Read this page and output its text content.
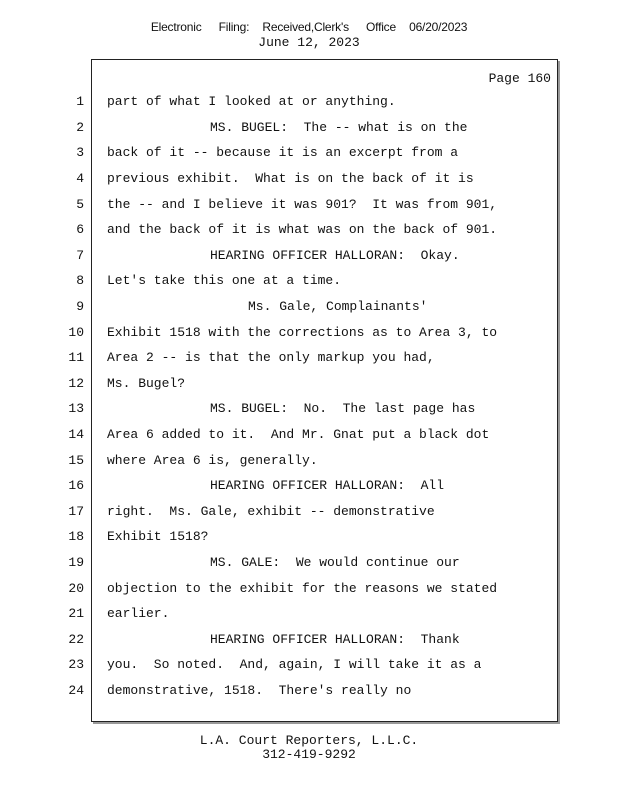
Electronic Filing: Received,Clerk's Office 06/20/2023
June 12, 2023
Page 160
1 part of what I looked at or anything.
2	MS. BUGEL:  The -- what is on the
3 back of it -- because it is an excerpt from a
4 previous exhibit.  What is on the back of it is
5 the -- and I believe it was 901?  It was from 901,
6 and the back of it is what was on the back of 901.
7	HEARING OFFICER HALLORAN:  Okay.
8 Let's take this one at a time.
9	Ms. Gale, Complainants'
10 Exhibit 1518 with the corrections as to Area 3, to
11 Area 2 -- is that the only markup you had,
12 Ms. Bugel?
13	MS. BUGEL:  No.  The last page has
14 Area 6 added to it.  And Mr. Gnat put a black dot
15 where Area 6 is, generally.
16	HEARING OFFICER HALLORAN:  All
17 right.  Ms. Gale, exhibit -- demonstrative
18 Exhibit 1518?
19	MS. GALE:  We would continue our
20 objection to the exhibit for the reasons we stated
21 earlier.
22	HEARING OFFICER HALLORAN:  Thank
23 you.  So noted.  And, again, I will take it as a
24 demonstrative, 1518.  There's really no
L.A. Court Reporters, L.L.C.
312-419-9292
